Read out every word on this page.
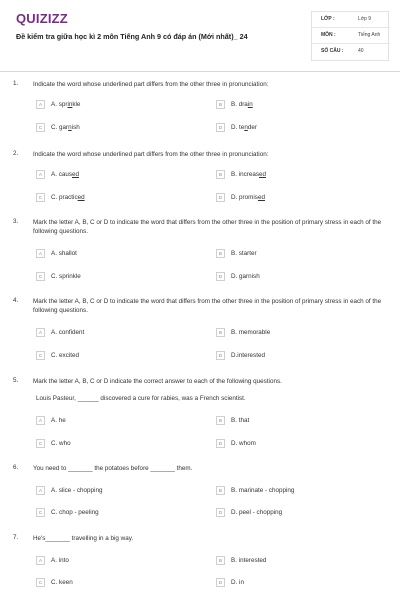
QUIZIZZ
Đề kiểm tra giữa học kì 2 môn Tiếng Anh 9 có đáp án (Mới nhất)_ 24
LỚP :	Lớp 9
MÔN :	Tiếng Anh
SỐ CÂU :	40
1. Indicate the word whose underlined part differs from the other three in pronunciation:
A	A. sprinkle	B	B. drain
C	C. garnish	D	D. tender
2. Indicate the word whose underlined part differs from the other three in pronunciation:
A	A. caused	B	B. increased
C	C. practiced	D	D. promised
3. Mark the letter A, B, C or D to indicate the word that differs from the other three in the position of primary stress in each of the following questions.
A	A. shallot	B	B. starter
C	C. sprinkle	D	D. garnish
4. Mark the letter A, B, C or D to indicate the word that differs from the other three in the position of primary stress in each of the following questions.
A	A. confident	B	B. memorable
C	C. excited	D	D.interested
5. Mark the letter A, B, C or D indicate the correct answer to each of the following questions.
Louis Pasteur, ______ discovered a cure for rabies, was a French scientist.
A	A. he	B	B. that
C	C. who	D	D. whom
6. You need to _______ the potatoes before _______ them.
A	A. slice - chopping	B	B. marinate - chopping
C	C. chop - peeling	D	D. peel - chopping
7. He's_______ travelling in a big way.
A	A. into	B	B. interested
C	C. keen	D	D. in
